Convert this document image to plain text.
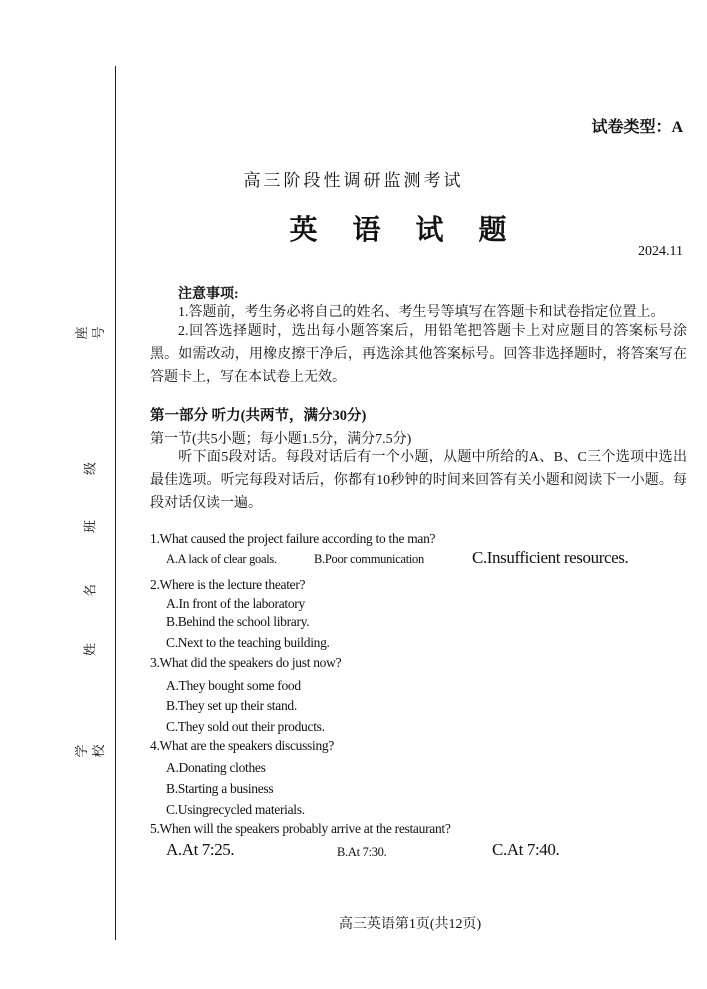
座号
级
班
名
姓
学校
试卷类型：A
高三阶段性调研监测考试
英 语 试 题
2024.11
注意事项:
1.答题前，考生务必将自己的姓名、考生号等填写在答题卡和试卷指定位置上。
2.回答选择题时，选出每小题答案后，用铅笔把答题卡上对应题目的答案标号涂黑。如需改动，用橡皮擦干净后，再选涂其他答案标号。回答非选择题时，将答案写在答题卡上，写在本试卷上无效。
第一部分 听力(共两节，满分30分)
第一节(共5小题；每小题1.5分，满分7.5分)
听下面5段对话。每段对话后有一个小题，从题中所给的A、B、C三个选项中选出最佳选项。听完每段对话后，你都有10秒钟的时间来回答有关小题和阅读下一小题。每段对话仅读一遍。
1.What caused the project failure according to the man?
A.A lack of clear goals.	B.Poor communication	C.Insufficient resources.
2.Where is the lecture theater?
A.In front of the laboratory
B.Behind the school library.
C.Next to the teaching building.
3.What did the speakers do just now?
A.They bought some food
B.They set up their stand.
C.They sold out their products.
4.What are the speakers discussing?
A.Donating clothes
B.Starting a business
C.Usingrecycled materials.
5.When will the speakers probably arrive at the restaurant?
A.At 7:25.	B.At 7:30.	C.At 7:40.
高三英语第1页(共12页)
